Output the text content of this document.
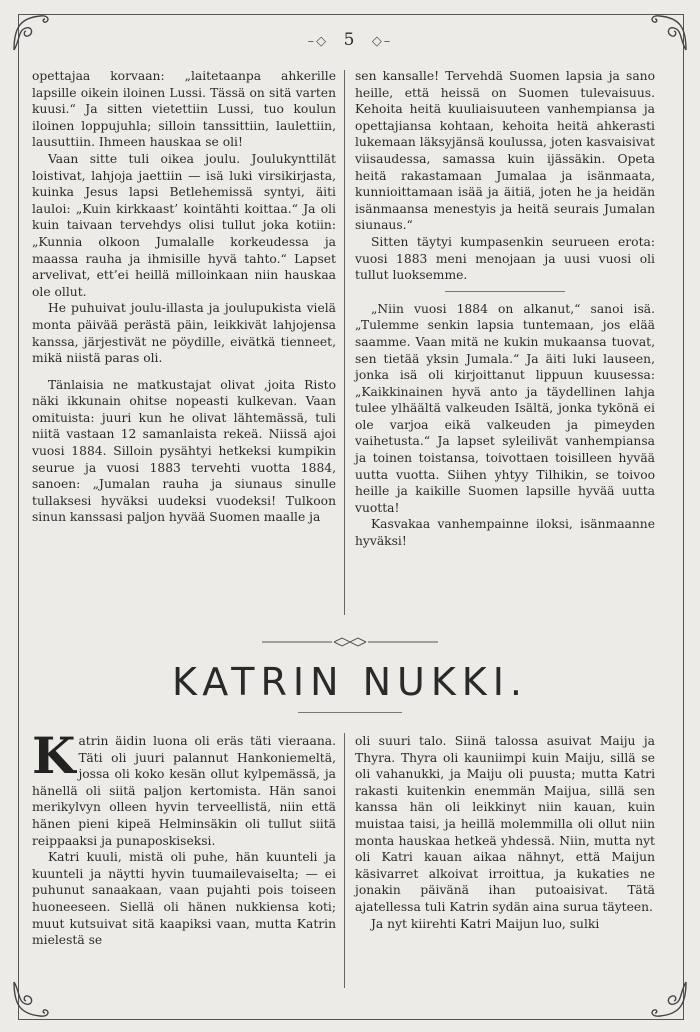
–◇ 5 ◇–

opettajaa korvaan: „laitetaanpa ahkerille lapsille oikein iloinen Lussi. Tässä on sitä varten kuusi.“ Ja sitten vietettiin Lussi, tuo koulun iloinen loppujuhla; silloin tanssittiin, laulettiin, lausuttiin. Ihmeen hauskaa se oli!

Vaan sitte tuli oikea joulu. Joulukynttilät loistivat, lahjoja jaettiin — isä luki virsikirjasta, kuinka Jesus lapsi Betlehemissä syntyi, äiti lauloi: „Kuin kirkkaast’ kointähti koittaa.“ Ja oli kuin taivaan tervehdys olisi tullut joka kotiin: „Kunnia olkoon Jumalalle korkeudessa ja maassa rauha ja ihmisille hyvä tahto.“ Lapset arvelivat, ett’ei heillä milloinkaan niin hauskaa ole ollut.

He puhuivat joulu-illasta ja joulupukista vielä monta päivää perästä päin, leikkivät lahjojensa kanssa, järjestivät ne pöydille, eivätkä tienneet, mikä niistä paras oli.

Tänlaisia ne matkustajat olivat ,joita Risto näki ikkunain ohitse nopeasti kulkevan. Vaan omituista: juuri kun he olivat lähtemässä, tuli niitä vastaan 12 samanlaista rekeä. Niissä ajoi vuosi 1884. Silloin pysähtyi hetkeksi kumpikin seurue ja vuosi 1883 tervehti vuotta 1884, sanoen: „Jumalan rauha ja siunaus sinulle tullaksesi hyväksi uudeksi vuodeksi! Tulkoon sinun kanssasi paljon hyvää Suomen maalle ja

sen kansalle! Tervehdä Suomen lapsia ja sano heille, että heissä on Suomen tulevaisuus. Kehoita heitä kuuliaisuuteen vanhempiansa ja opettajiansa kohtaan, kehoita heitä ahkerasti lukemaan läksyjänsä koulussa, joten kasvaisivat viisaudessa, samassa kuin ijässäkin. Opeta heitä rakastamaan Jumalaa ja isänmaata, kunnioittamaan isää ja äitiä, joten he ja heidän isänmaansa menestyis ja heitä seurais Jumalan siunaus.“

Sitten täytyi kumpasenkin seurueen erota: vuosi 1883 meni menojaan ja uusi vuosi oli tullut luoksemme.

„Niin vuosi 1884 on alkanut,“ sanoi isä. „Tulemme senkin lapsia tuntemaan, jos elää saamme. Vaan mitä ne kukin mukaansa tuovat, sen tietää yksin Jumala.“ Ja äiti luki lauseen, jonka isä oli kirjoittanut lippuun kuusessa: „Kaikkinainen hyvä anto ja täydellinen lahja tulee ylhäältä valkeuden Isältä, jonka tykönä ei ole varjoa eikä valkeuden ja pimeyden vaihetusta.“ Ja lapset syleilivät vanhempiansa ja toinen toistansa, toivottaen toisilleen hyvää uutta vuotta. Siihen yhtyy Tilhikin, se toivoo heille ja kaikille Suomen lapsille hyvää uutta vuotta!

Kasvakaa vanhempainne iloksi, isänmaanne hyväksi!

KATRIN NUKKI.

Katrin äidin luona oli eräs täti vieraana. Täti oli juuri palannut Hankoniemeltä, jossa oli koko kesän ollut kylpemässä, ja hänellä oli siitä paljon kertomista. Hän sanoi merikylvyn olleen hyvin terveellistä, niin että hänen pieni kipeä Helminsäkin oli tullut siitä reippaaksi ja punaposkiseksi.

Katri kuuli, mistä oli puhe, hän kuunteli ja kuunteli ja näytti hyvin tuumailevaiselta; — ei puhunut sanaakaan, vaan pujahti pois toiseen huoneeseen. Siellä oli hänen nukkiensa koti; muut kutsuivat sitä kaapiksi vaan, mutta Katrin mielestä se

oli suuri talo. Siinä talossa asuivat Maiju ja Thyra. Thyra oli kauniimpi kuin Maiju, sillä se oli vahanukki, ja Maiju oli puusta; mutta Katri rakasti kuitenkin enemmän Maijua, sillä sen kanssa hän oli leikkinyt niin kauan, kuin muistaa taisi, ja heillä molemmilla oli ollut niin monta hauskaa hetkeä yhdessä. Niin, mutta nyt oli Katri kauan aikaa nähnyt, että Maijun käsivarret alkoivat irroittua, ja kukaties ne jonakin päivänä ihan putoaisivat. Tätä ajatellessa tuli Katrin sydän aina surua täyteen.

Ja nyt kiirehti Katri Maijun luo, sulki
